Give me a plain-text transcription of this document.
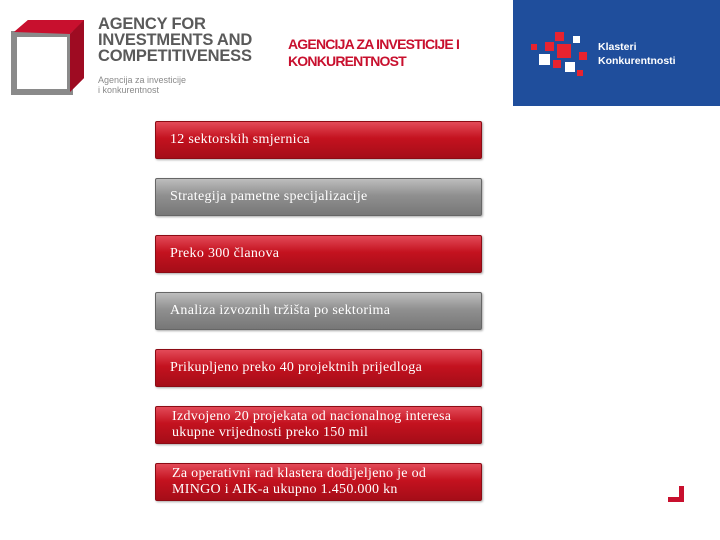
AGENCY FOR
INVESTMENTS AND
COMPETITIVENESS
Agencija za investicije
i konkurentnost
AGENCIJA ZA INVESTICIJE I
KONKURENTNOST
Klasteri
Konkurentnosti
12 sektorskih smjernica
Strategija pametne specijalizacije
Preko 300 članova
Analiza izvoznih tržišta po sektorima
Prikupljeno preko 40 projektnih prijedloga
Izdvojeno 20 projekata od nacionalnog interesa ukupne vrijednosti preko 150 mil
Za operativni rad klastera dodijeljeno je od MINGO i AIK-a ukupno 1.450.000 kn
